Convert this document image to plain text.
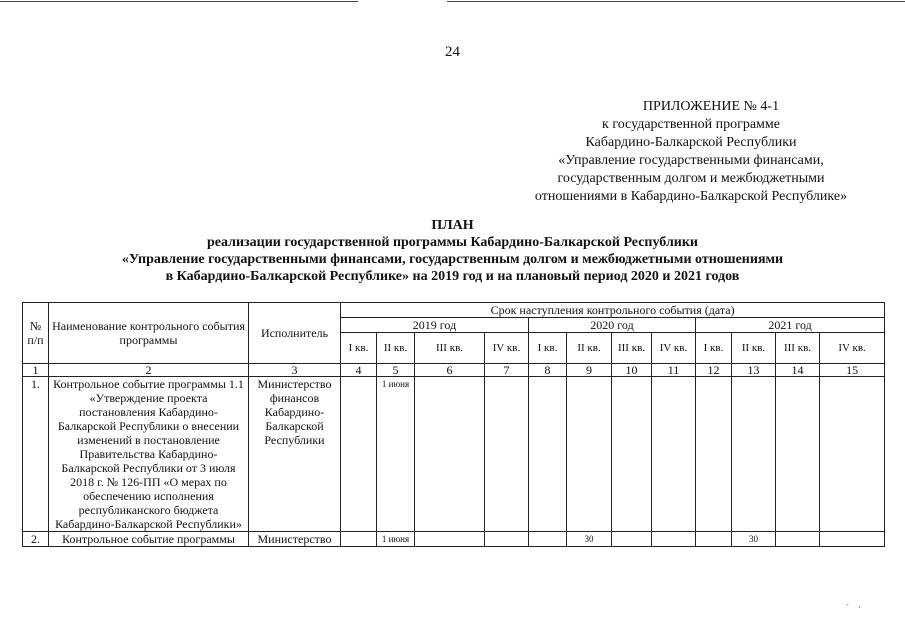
24
ПРИЛОЖЕНИЕ № 4-1
к государственной программе
Кабардино-Балкарской Республики
«Управление государственными финансами,
государственным долгом и межбюджетными
отношениями в Кабардино-Балкарской Республике»
ПЛАН
реализации государственной программы Кабардино-Балкарской Республики
«Управление государственными финансами, государственным долгом и межбюджетными отношениями
в Кабардино-Балкарской Республике» на 2019 год и на плановый период 2020 и 2021 годов
№ п/п	Наименование контрольного события программы	Исполнитель	Срок наступления контрольного события (дата)											
			2019 год				2020 год				2021 год			
			I кв.	II кв.	III кв.	IV кв.	I кв.	II кв.	III кв.	IV кв.	I кв.	II кв.	III кв.	IV кв.
1	2	3	4	5	6	7	8	9	10	11	12	13	14	15
1.	Контрольное событие программы 1.1 «Утверждение проекта постановления Кабардино-Балкарской Республики о внесении изменений в постановление Правительства Кабардино-Балкарской Республики от 3 июля 2018 г. № 126-ПП «О мерах по обеспечению исполнения республиканского бюджета Кабардино-Балкарской Республики»	Министерство финансов Кабардино-Балкарской Республики		1 июня										
2.	Контрольное событие программы	Министерство		1 июня				30				30		
-     ,
